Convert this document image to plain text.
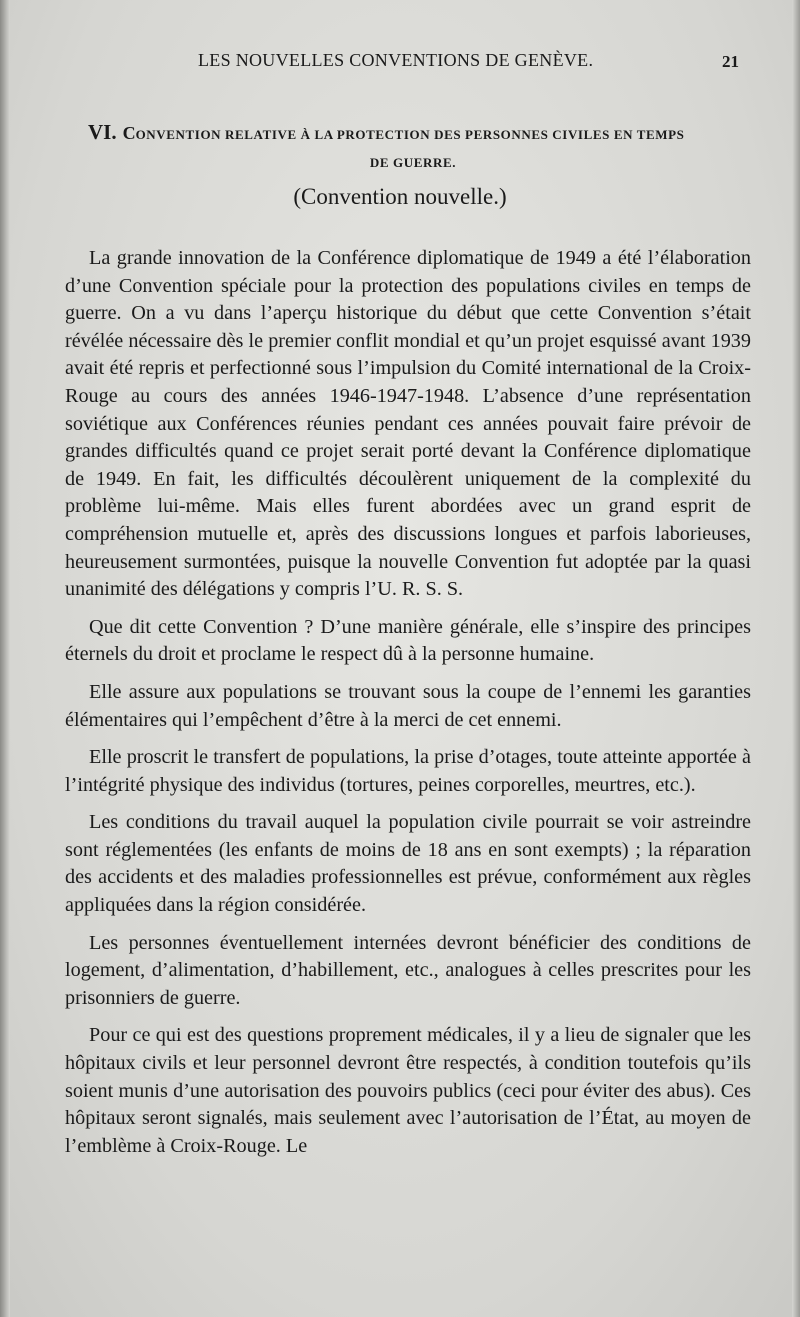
LES NOUVELLES CONVENTIONS DE GENÈVE.	21
VI. CONVENTION RELATIVE À LA PROTECTION DES PERSONNES CIVILES EN TEMPS
DE GUERRE.
(Convention nouvelle.)

La grande innovation de la Conférence diplomatique de 1949 a été l’élaboration d’une Convention spéciale pour la protection des populations civiles en temps de guerre. On a vu dans l’aperçu historique du début que cette Convention s’était révélée nécessaire dès le premier conflit mondial et qu’un projet esquissé avant 1939 avait été repris et perfectionné sous l’impulsion du Comité international de la Croix-Rouge au cours des années 1946-1947-1948. L’absence d’une représentation soviétique aux Conférences réunies pendant ces années pouvait faire prévoir de grandes difficultés quand ce projet serait porté devant la Conférence diplomatique de 1949. En fait, les difficultés découlèrent uniquement de la complexité du problème lui-même. Mais elles furent abordées avec un grand esprit de compréhension mutuelle et, après des discussions longues et parfois laborieuses, heureusement surmontées, puisque la nouvelle Convention fut adoptée par la quasi unanimité des délégations y compris l’U. R. S. S.

Que dit cette Convention ? D’une manière générale, elle s’inspire des principes éternels du droit et proclame le respect dû à la personne humaine.

Elle assure aux populations se trouvant sous la coupe de l’ennemi les garanties élémentaires qui l’empêchent d’être à la merci de cet ennemi.

Elle proscrit le transfert de populations, la prise d’otages, toute atteinte apportée à l’intégrité physique des individus (tortures, peines corporelles, meurtres, etc.).

Les conditions du travail auquel la population civile pourrait se voir astreindre sont réglementées (les enfants de moins de 18 ans en sont exempts) ; la réparation des accidents et des maladies professionnelles est prévue, conformément aux règles appliquées dans la région considérée.

Les personnes éventuellement internées devront bénéficier des conditions de logement, d’alimentation, d’habillement, etc., analogues à celles prescrites pour les prisonniers de guerre.

Pour ce qui est des questions proprement médicales, il y a lieu de signaler que les hôpitaux civils et leur personnel devront être respectés, à condition toutefois qu’ils soient munis d’une autorisation des pouvoirs publics (ceci pour éviter des abus). Ces hôpitaux seront signalés, mais seulement avec l’autorisation de l’État, au moyen de l’emblème à Croix-Rouge. Le
